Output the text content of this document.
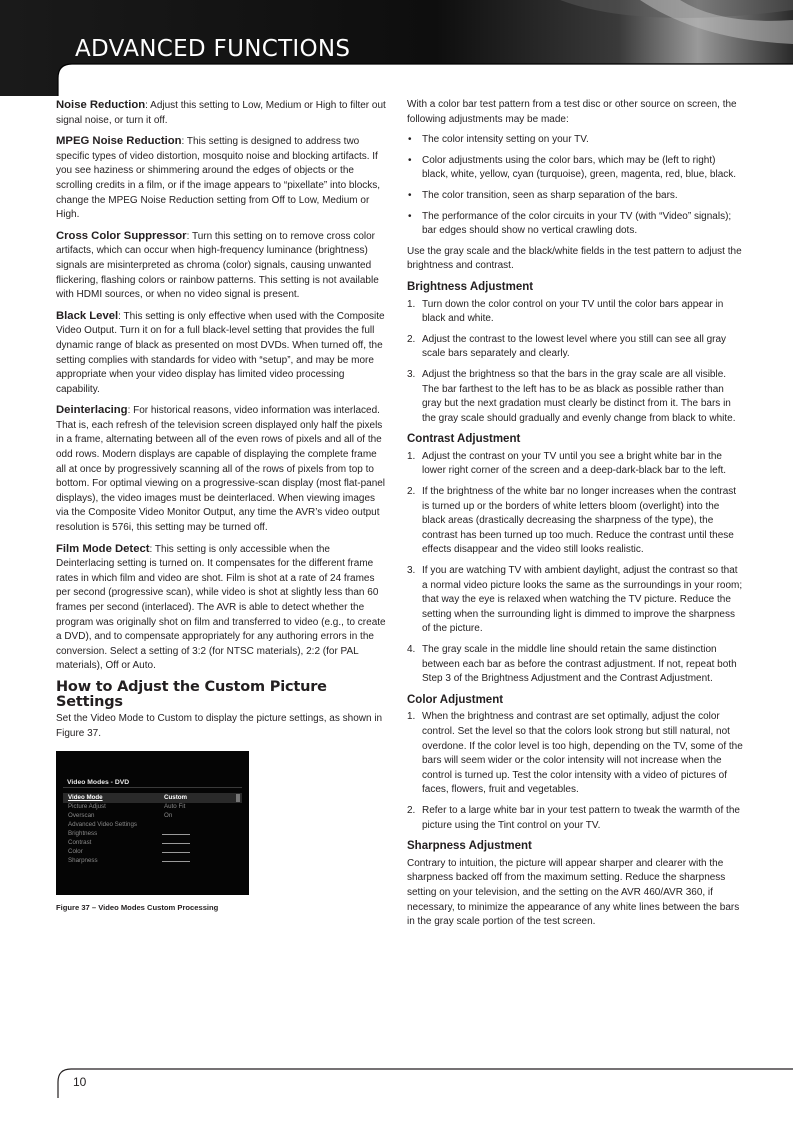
ADVANCED FUNCTIONS

Noise Reduction: Adjust this setting to Low, Medium or High to filter out signal noise, or turn it off.

MPEG Noise Reduction: This setting is designed to address two specific types of video distortion, mosquito noise and blocking artifacts. If you see haziness or shimmering around the edges of objects or the scrolling credits in a film, or if the image appears to “pixellate” into blocks, change the MPEG Noise Reduction setting from Off to Low, Medium or High.

Cross Color Suppressor: Turn this setting on to remove cross color artifacts, which can occur when high-frequency luminance (brightness) signals are misinterpreted as chroma (color) signals, causing unwanted flickering, flashing colors or rainbow patterns. This setting is not available with HDMI sources, or when no video signal is present.

Black Level: This setting is only effective when used with the Composite Video Output. Turn it on for a full black-level setting that provides the full dynamic range of black as presented on most DVDs. When turned off, the setting complies with standards for video with “setup”, and may be more appropriate when your video display has limited video processing capability.

Deinterlacing: For historical reasons, video information was interlaced. That is, each refresh of the television screen displayed only half the pixels in a frame, alternating between all of the even rows of pixels and all of the odd rows. Modern displays are capable of displaying the complete frame all at once by progressively scanning all of the rows of pixels from top to bottom. For optimal viewing on a progressive-scan display (most flat-panel displays), the video images must be deinterlaced. When viewing images via the Composite Video Monitor Output, any time the AVR’s video output resolution is 576i, this setting may be turned off.

Film Mode Detect: This setting is only accessible when the Deinterlacing setting is turned on. It compensates for the different frame rates in which film and video are shot. Film is shot at a rate of 24 frames per second (progressive scan), while video is shot at slightly less than 60 frames per second (interlaced). The AVR is able to detect whether the program was originally shot on film and transferred to video (e.g., to create a DVD), and to compensate appropriately for any authoring errors in the conversion. Select a setting of 3:2 (for NTSC materials), 2:2 (for PAL materials), Off or Auto.

How to Adjust the Custom Picture Settings

Set the Video Mode to Custom to display the picture settings, as shown in Figure 37.

Video Modes - DVD
Video Mode	Custom
Picture Adjust	Auto Fit
Overscan	On
Advanced Video Settings
Brightness
Contrast
Color
Sharpness
Figure 37 – Video Modes Custom Processing

With a color bar test pattern from a test disc or other source on screen, the following adjustments may be made:

• The color intensity setting on your TV.
• Color adjustments using the color bars, which may be (left to right) black, white, yellow, cyan (turquoise), green, magenta, red, blue, black.
• The color transition, seen as sharp separation of the bars.
• The performance of the color circuits in your TV (with “Video” signals); bar edges should show no vertical crawling dots.

Use the gray scale and the black/white fields in the test pattern to adjust the brightness and contrast.

Brightness Adjustment
1. Turn down the color control on your TV until the color bars appear in black and white.
2. Adjust the contrast to the lowest level where you still can see all gray scale bars separately and clearly.
3. Adjust the brightness so that the bars in the gray scale are all visible. The bar farthest to the left has to be as black as possible rather than gray but the next gradation must clearly be distinct from it. The bars in the gray scale should gradually and evenly change from black to white.
Contrast Adjustment
1. Adjust the contrast on your TV until you see a bright white bar in the lower right corner of the screen and a deep-dark-black bar to the left.
2. If the brightness of the white bar no longer increases when the contrast is turned up or the borders of white letters bloom (overlight) into the black areas (drastically decreasing the sharpness of the type), the contrast has been turned up too much. Reduce the contrast until these effects disappear and the video still looks realistic.
3. If you are watching TV with ambient daylight, adjust the contrast so that a normal video picture looks the same as the surroundings in your room; that way the eye is relaxed when watching the TV picture. Reduce the setting when the surrounding light is dimmed to improve the sharpness of the picture.
4. The gray scale in the middle line should retain the same distinction between each bar as before the contrast adjustment. If not, repeat both Step 3 of the Brightness Adjustment and the Contrast Adjustment.
Color Adjustment
1. When the brightness and contrast are set optimally, adjust the color control. Set the level so that the colors look strong but still natural, not overdone. If the color level is too high, depending on the TV, some of the bars will seem wider or the color intensity will not increase when the control is turned up. Test the color intensity with a video of pictures of faces, flowers, fruit and vegetables.
2. Refer to a large white bar in your test pattern to tweak the warmth of the picture using the Tint control on your TV.
Sharpness Adjustment

Contrary to intuition, the picture will appear sharper and clearer with the sharpness backed off from the maximum setting. Reduce the sharpness setting on your television, and the setting on the AVR 460/AVR 360, if necessary, to minimize the appearance of any white lines between the bars in the gray scale portion of the test screen.

10
